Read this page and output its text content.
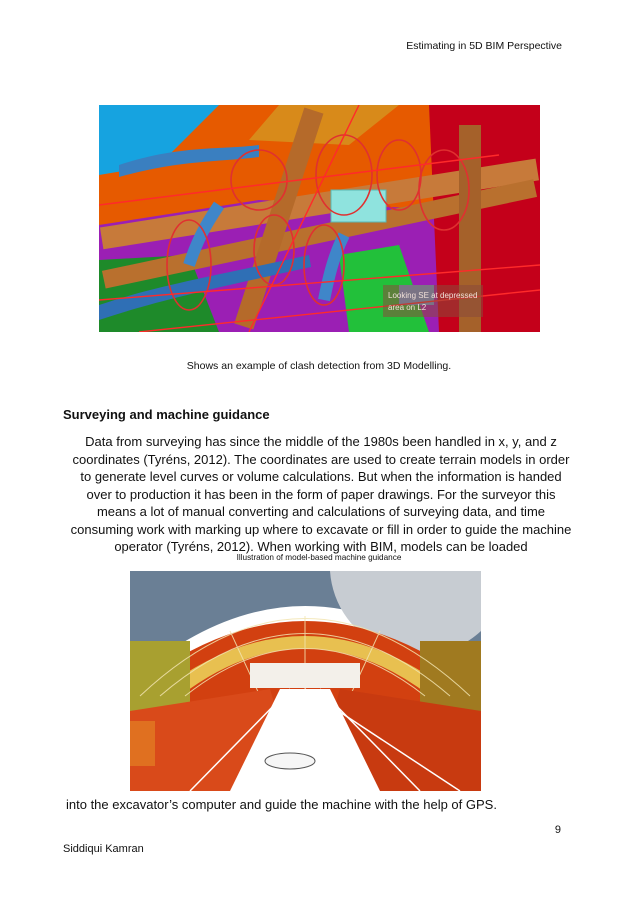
Estimating in 5D BIM Perspective
Looking SE at depressed
area on L2
Shows an example of clash detection from 3D Modelling.
Surveying and machine guidance
Data from surveying has since the middle of the 1980s been handled in x, y, and z coordinates (Tyréns, 2012). The coordinates are used to create terrain models in order to generate level curves or volume calculations. But when the information is handed over to production it has been in the form of paper drawings. For the surveyor this means a lot of manual converting and calculations of surveying data, and time consuming work with marking up where to excavate or fill in order to guide the machine operator (Tyréns, 2012). When working with BIM, models can be loaded
Illustration of model-based machine guidance
into the excavator’s computer and guide the machine with the help of GPS.
9
Siddiqui Kamran
